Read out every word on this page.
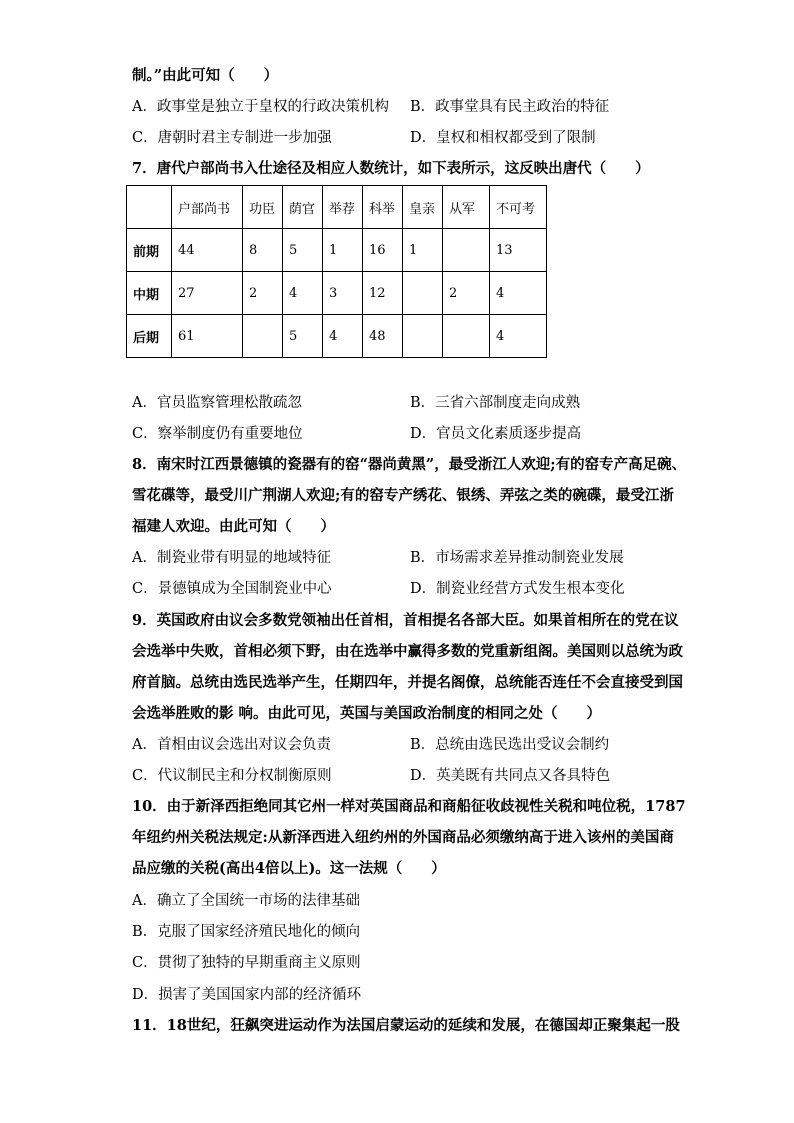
制。”由此可知（　　）
A．政事堂是独立于皇权的行政决策机构 B．政事堂具有民主政治的特征
C．唐朝时君主专制进一步加强	D．皇权和相权都受到了限制
7．唐代户部尚书入仕途径及相应人数统计，如下表所示，这反映出唐代（　　）
	户部尚书	功臣	荫官	举荐	科举	皇亲	从军	不可考
前期	44	8	5	1	16	1		13
中期	27	2	4	3	12		2	4
后期	61		5	4	48			4
A．官员监察管理松散疏忽	B．三省六部制度走向成熟
C．察举制度仍有重要地位	D．官员文化素质逐步提高
8．南宋时江西景德镇的瓷器有的窑“器尚黄黑”，最受浙江人欢迎;有的窑专产高足碗、
雪花碟等，最受川广荆湖人欢迎;有的窑专产绣花、银绣、弄弦之类的碗碟，最受江浙
福建人欢迎。由此可知（　　）
A．制瓷业带有明显的地域特征	B．市场需求差异推动制瓷业发展
C．景德镇成为全国制瓷业中心	D．制瓷业经营方式发生根本变化
9．英国政府由议会多数党领袖出任首相，首相提名各部大臣。如果首相所在的党在议
会选举中失败，首相必须下野，由在选举中赢得多数的党重新组阁。美国则以总统为政
府首脑。总统由选民选举产生，任期四年，并提名阁僚，总统能否连任不会直接受到国
会选举胜败的影 响。由此可见，英国与美国政治制度的相同之处（　　）
A．首相由议会选出对议会负责	B．总统由选民选出受议会制约
C．代议制民主和分权制衡原则	D．英美既有共同点又各具特色
10．由于新泽西拒绝同其它州一样对英国商品和商船征收歧视性关税和吨位税，1787
年纽约州关税法规定:从新泽西进入纽约州的外国商品必须缴纳高于进入该州的美国商
品应缴的关税(高出4倍以上)。这一法规（　　）
A．确立了全国统一市场的法律基础
B．克服了国家经济殖民地化的倾向
C．贯彻了独特的早期重商主义原则
D．损害了美国国家内部的经济循环
11．18世纪，狂飙突进运动作为法国启蒙运动的延续和发展，在德国却正聚集起一股
